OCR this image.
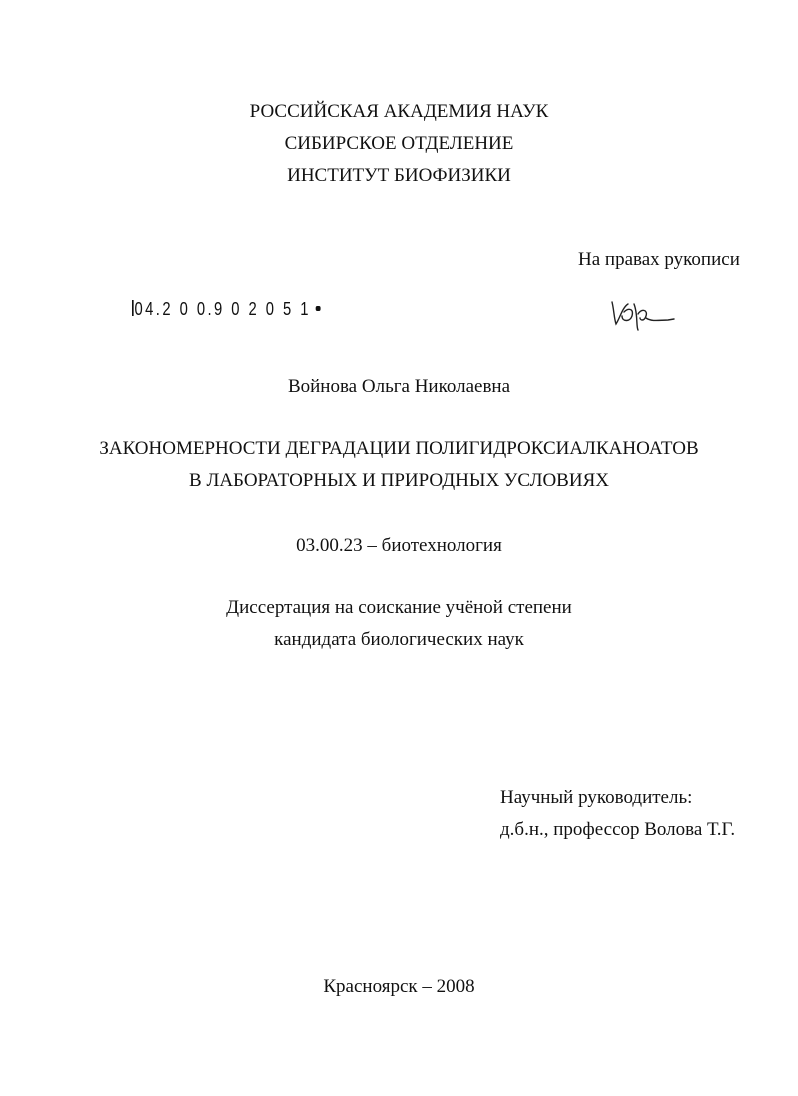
РОССИЙСКАЯ АКАДЕМИЯ НАУК
СИБИРСКОЕ ОТДЕЛЕНИЕ
ИНСТИТУТ БИОФИЗИКИ
На правах рукописи
04.2 0 0.9 0 2 0 5 1
Войнова Ольга Николаевна
ЗАКОНОМЕРНОСТИ ДЕГРАДАЦИИ ПОЛИГИДРОКСИАЛКАНОАТОВ
В ЛАБОРАТОРНЫХ И ПРИРОДНЫХ УСЛОВИЯХ
03.00.23 – биотехнология
Диссертация на соискание учёной степени
кандидата биологических наук
Научный руководитель:
д.б.н., профессор Волова Т.Г.
Красноярск – 2008
